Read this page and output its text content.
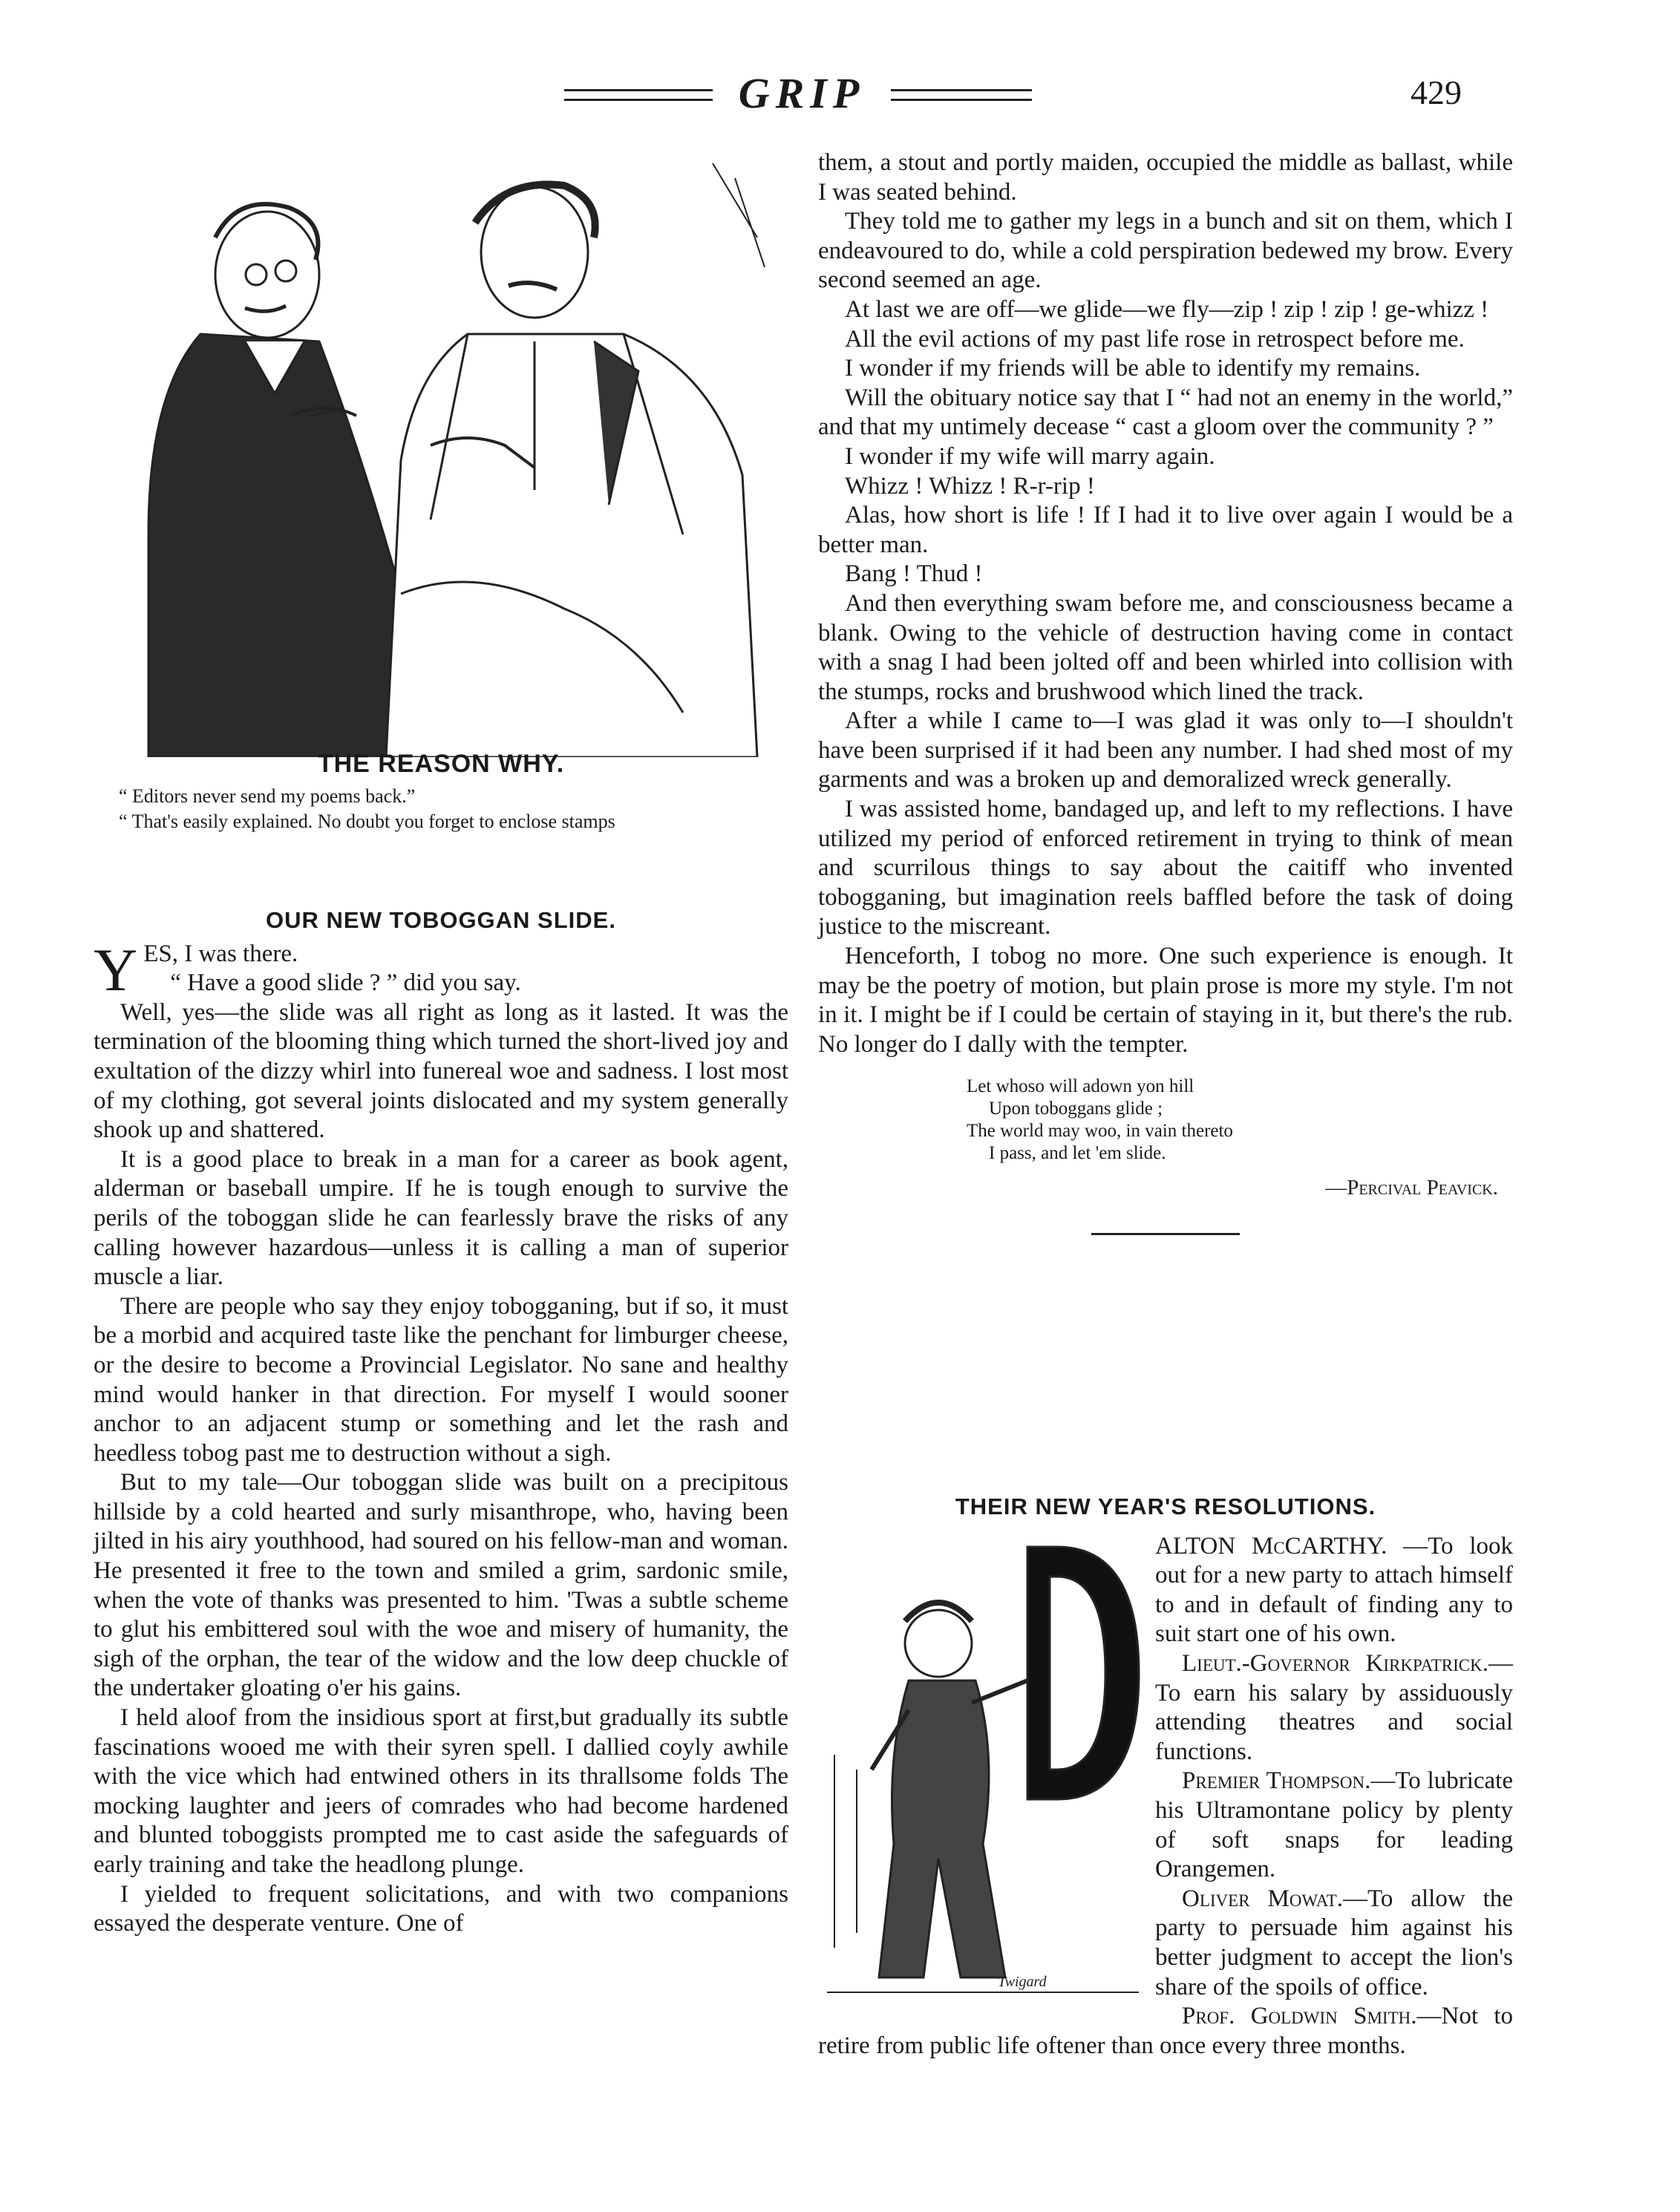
GRIP	429
THE REASON WHY.
“ Editors never send my poems back.”
“ That's easily explained. No doubt you forget to enclose stamps
OUR NEW TOBOGGAN SLIDE.

YES, I was there.

“ Have a good slide ? ” did you say.

Well, yes—the slide was all right as long as it lasted. It was the termination of the blooming thing which turned the short-lived joy and exultation of the dizzy whirl into funereal woe and sadness. I lost most of my clothing, got several joints dislocated and my system generally shook up and shattered.

It is a good place to break in a man for a career as book agent, alderman or baseball umpire. If he is tough enough to survive the perils of the toboggan slide he can fearlessly brave the risks of any calling however hazardous—unless it is calling a man of superior muscle a liar.

There are people who say they enjoy tobogganing, but if so, it must be a morbid and acquired taste like the penchant for limburger cheese, or the desire to become a Provincial Legislator. No sane and healthy mind would hanker in that direction. For myself I would sooner anchor to an adjacent stump or something and let the rash and heedless tobog past me to destruction without a sigh.

But to my tale—Our toboggan slide was built on a precipitous hillside by a cold hearted and surly misanthrope, who, having been jilted in his airy youthhood, had soured on his fellow-man and woman. He presented it free to the town and smiled a grim, sardonic smile, when the vote of thanks was presented to him. 'Twas a subtle scheme to glut his embittered soul with the woe and misery of humanity, the sigh of the orphan, the tear of the widow and the low deep chuckle of the undertaker gloating o'er his gains.

I held aloof from the insidious sport at first,but gradually its subtle fascinations wooed me with their syren spell. I dallied coyly awhile with the vice which had entwined others in its thrallsome folds The mocking laughter and jeers of comrades who had become hardened and blunted toboggists prompted me to cast aside the safeguards of early training and take the headlong plunge.

I yielded to frequent solicitations, and with two companions essayed the desperate venture. One of

them, a stout and portly maiden, occupied the middle as ballast, while I was seated behind.

They told me to gather my legs in a bunch and sit on them, which I endeavoured to do, while a cold perspiration bedewed my brow. Every second seemed an age.

At last we are off—we glide—we fly—zip ! zip ! zip ! ge-whizz !

All the evil actions of my past life rose in retrospect before me.

I wonder if my friends will be able to identify my remains.

Will the obituary notice say that I “ had not an enemy in the world,” and that my untimely decease “ cast a gloom over the community ? ”

I wonder if my wife will marry again.

Whizz ! Whizz ! R-r-rip !

Alas, how short is life ! If I had it to live over again I would be a better man.

Bang ! Thud !

And then everything swam before me, and consciousness became a blank. Owing to the vehicle of destruction having come in contact with a snag I had been jolted off and been whirled into collision with the stumps, rocks and brushwood which lined the track.

After a while I came to—I was glad it was only to—I shouldn't have been surprised if it had been any number. I had shed most of my garments and was a broken up and demoralized wreck generally.

I was assisted home, bandaged up, and left to my reflections. I have utilized my period of enforced retirement in trying to think of mean and scurrilous things to say about the caitiff who invented tobogganing, but imagination reels baffled before the task of doing justice to the miscreant.

Henceforth, I tobog no more. One such experience is enough. It may be the poetry of motion, but plain prose is more my style. I'm not in it. I might be if I could be certain of staying in it, but there's the rub. No longer do I dally with the tempter.

Let whoso will adown yon hill
Upon toboggans glide ;
The world may woo, in vain thereto
I pass, and let 'em slide.
—Percival Peavick.
THEIR NEW YEAR'S RESOLUTIONS.
Twigard

ALTON McCARTHY. —To look out for a new party to attach himself to and in default of finding any to suit start one of his own.

Lieut.-Governor Kirkpatrick.—To earn his salary by assiduously attending theatres and social functions.

Premier Thompson.—To lubricate his Ultramontane policy by plenty of soft snaps for leading Orangemen.

Oliver Mowat.—To allow the party to persuade him against his better judgment to accept the lion's share of the spoils of office.

Prof. Goldwin Smith.—Not to retire from public life oftener than once every three months.
